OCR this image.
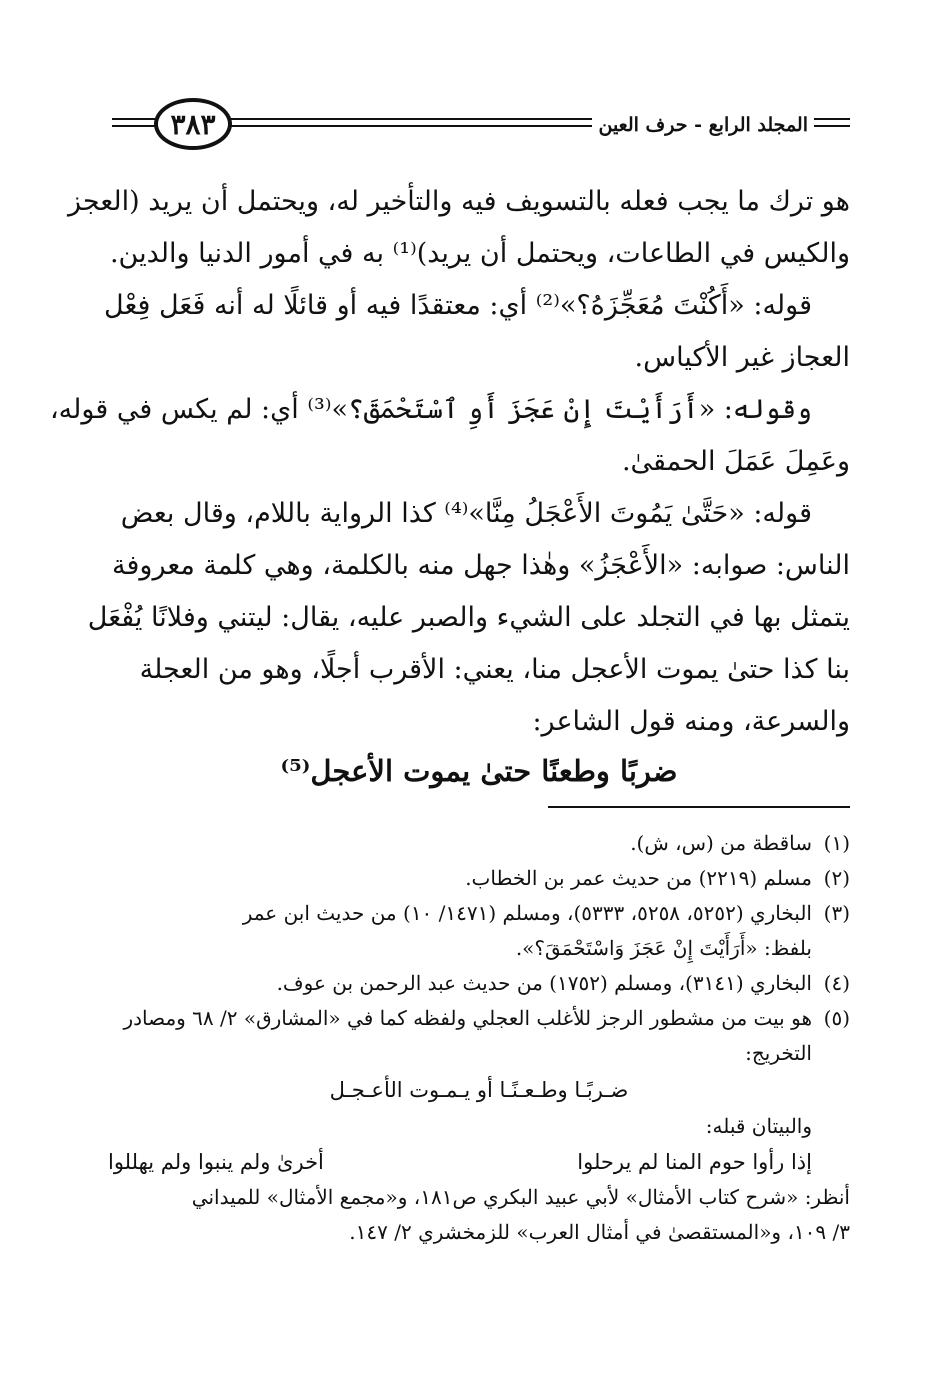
٣٨٣	المجلد الرابع - حرف العين
هو ترك ما يجب فعله بالتسويف فيه والتأخير له، ويحتمل أن يريد (العجز
والكيس في الطاعات، ويحتمل أن يريد)⁽¹⁾ به في أمور الدنيا والدين.
قوله: «أَكُنْتَ مُعَجِّزَهُ؟»⁽²⁾ أي: معتقدًا فيه أو قائلًا له أنه فَعَل فِعْل
العجاز غير الأكياس.
وقوله: «أَرَأَيْتَ إِنْ عَجَزَ أَوِ ٱسْتَحْمَقَ؟»⁽³⁾ أي: لم يكس في قوله،
وعَمِلَ عَمَلَ الحمقىٰ.
قوله: «حَتَّىٰ يَمُوتَ الأَعْجَلُ مِنَّا»⁽⁴⁾ كذا الرواية باللام، وقال بعض
الناس: صوابه: «الأَعْجَزُ» وهٰذا جهل منه بالكلمة، وهي كلمة معروفة
يتمثل بها في التجلد على الشيء والصبر عليه، يقال: ليتني وفلانًا يُفْعَل
بنا كذا حتىٰ يموت الأعجل منا، يعني: الأقرب أجلًا، وهو من العجلة
والسرعة، ومنه قول الشاعر:
ضربًا وطعنًا حتىٰ يموت الأعجل⁽⁵⁾
(١)
ساقطة من (س، ش).
(٢)
مسلم (٢٢١٩) من حديث عمر بن الخطاب.
(٣)
البخاري (٥٢٥٢، ٥٢٥٨، ٥٣٣٣)، ومسلم (١٤٧١/ ١٠) من حديث ابن عمر
بلفظ: «أَرَأَيْتَ إِنْ عَجَزَ وَاسْتَحْمَقَ؟».
(٤)
البخاري (٣١٤١)، ومسلم (١٧٥٢) من حديث عبد الرحمن بن عوف.
(٥)
هو بيت من مشطور الرجز للأغلب العجلي ولفظه كما في «المشارق» ٢/ ٦٨ ومصادر
التخريج:
ضـربًـا وطـعـنًـا أو يـمـوت الأعـجـل
والبيتان قبله:
إذا رأوا حوم المنا لم يرحلوا
أخرىٰ ولم ينبوا ولم يهللوا
أنظر: «شرح كتاب الأمثال» لأبي عبيد البكري ص١٨١، و«مجمع الأمثال» للميداني
٣/ ١٠٩، و«المستقصىٰ في أمثال العرب» للزمخشري ٢/ ١٤٧.
